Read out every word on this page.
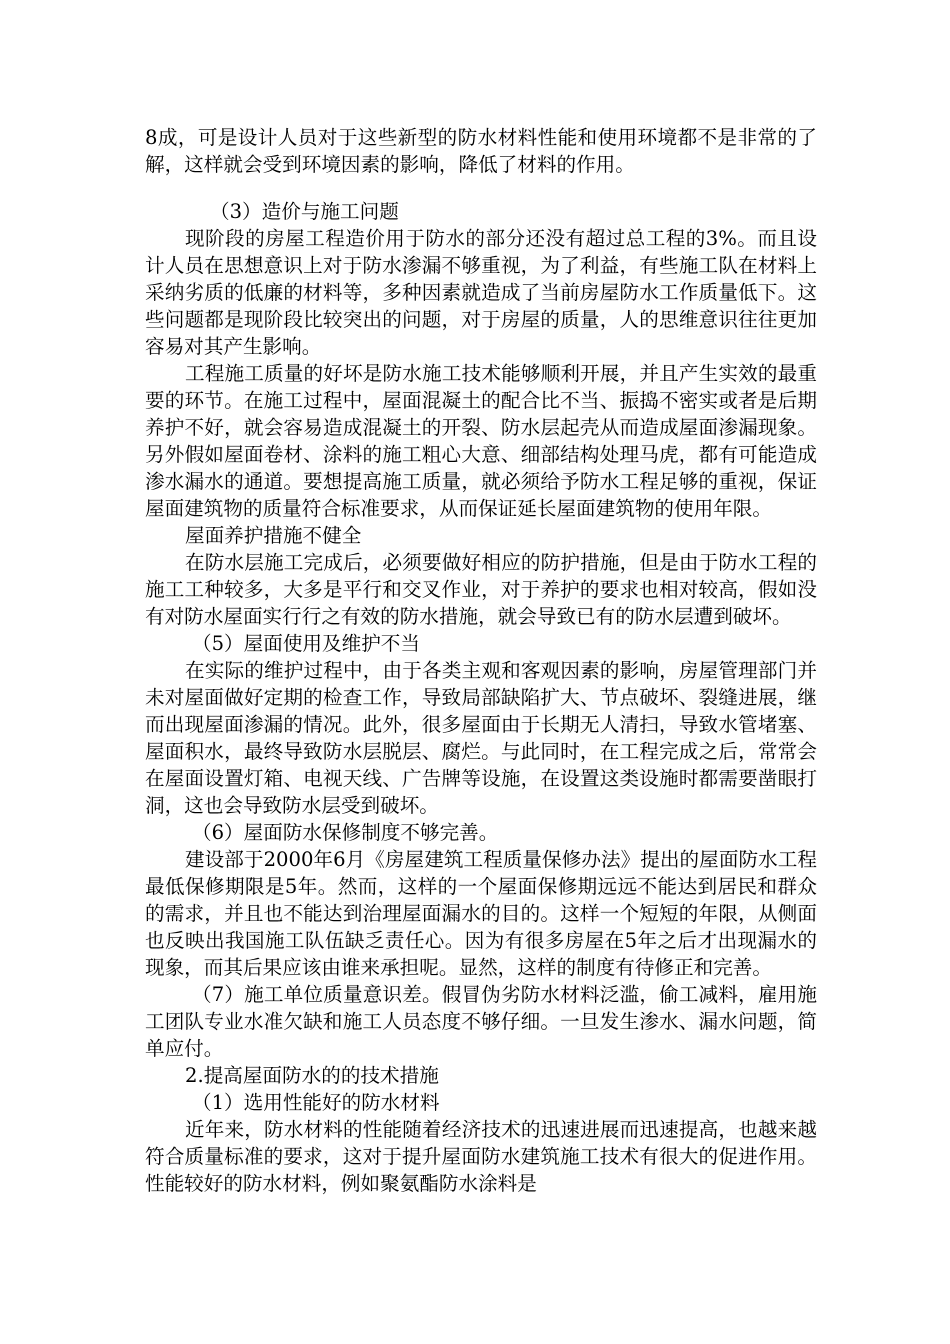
8成，可是设计人员对于这些新型的防水材料性能和使用环境都不是非常的了解，这样就会受到环境因素的影响，降低了材料的作用。

（3）造价与施工问题

现阶段的房屋工程造价用于防水的部分还没有超过总工程的3%。而且设计人员在思想意识上对于防水渗漏不够重视，为了利益，有些施工队在材料上采纳劣质的低廉的材料等，多种因素就造成了当前房屋防水工作质量低下。这些问题都是现阶段比较突出的问题，对于房屋的质量，人的思维意识往往更加容易对其产生影响。

工程施工质量的好坏是防水施工技术能够顺利开展，并且产生实效的最重要的环节。在施工过程中，屋面混凝土的配合比不当、振捣不密实或者是后期养护不好，就会容易造成混凝土的开裂、防水层起壳从而造成屋面渗漏现象。另外假如屋面卷材、涂料的施工粗心大意、细部结构处理马虎，都有可能造成渗水漏水的通道。要想提高施工质量，就必须给予防水工程足够的重视，保证屋面建筑物的质量符合标准要求，从而保证延长屋面建筑物的使用年限。

屋面养护措施不健全

在防水层施工完成后，必须要做好相应的防护措施，但是由于防水工程的施工工种较多，大多是平行和交叉作业，对于养护的要求也相对较高，假如没有对防水屋面实行行之有效的防水措施，就会导致已有的防水层遭到破坏。

（5）屋面使用及维护不当

在实际的维护过程中，由于各类主观和客观因素的影响，房屋管理部门并未对屋面做好定期的检查工作，导致局部缺陷扩大、节点破坏、裂缝进展，继而出现屋面渗漏的情况。此外，很多屋面由于长期无人清扫，导致水管堵塞、屋面积水，最终导致防水层脱层、腐烂。与此同时，在工程完成之后，常常会在屋面设置灯箱、电视天线、广告牌等设施，在设置这类设施时都需要凿眼打洞，这也会导致防水层受到破坏。

（6）屋面防水保修制度不够完善。

建设部于2000年6月《房屋建筑工程质量保修办法》提出的屋面防水工程最低保修期限是5年。然而，这样的一个屋面保修期远远不能达到居民和群众的需求，并且也不能达到治理屋面漏水的目的。这样一个短短的年限，从侧面也反映出我国施工队伍缺乏责任心。因为有很多房屋在5年之后才出现漏水的现象，而其后果应该由谁来承担呢。显然，这样的制度有待修正和完善。

（7）施工单位质量意识差。假冒伪劣防水材料泛滥，偷工减料，雇用施工团队专业水准欠缺和施工人员态度不够仔细。一旦发生渗水、漏水问题，简单应付。

2.提高屋面防水的的技术措施

（1）选用性能好的防水材料

近年来，防水材料的性能随着经济技术的迅速进展而迅速提高，也越来越符合质量标准的要求，这对于提升屋面防水建筑施工技术有很大的促进作用。性能较好的防水材料，例如聚氨酯防水涂料是
